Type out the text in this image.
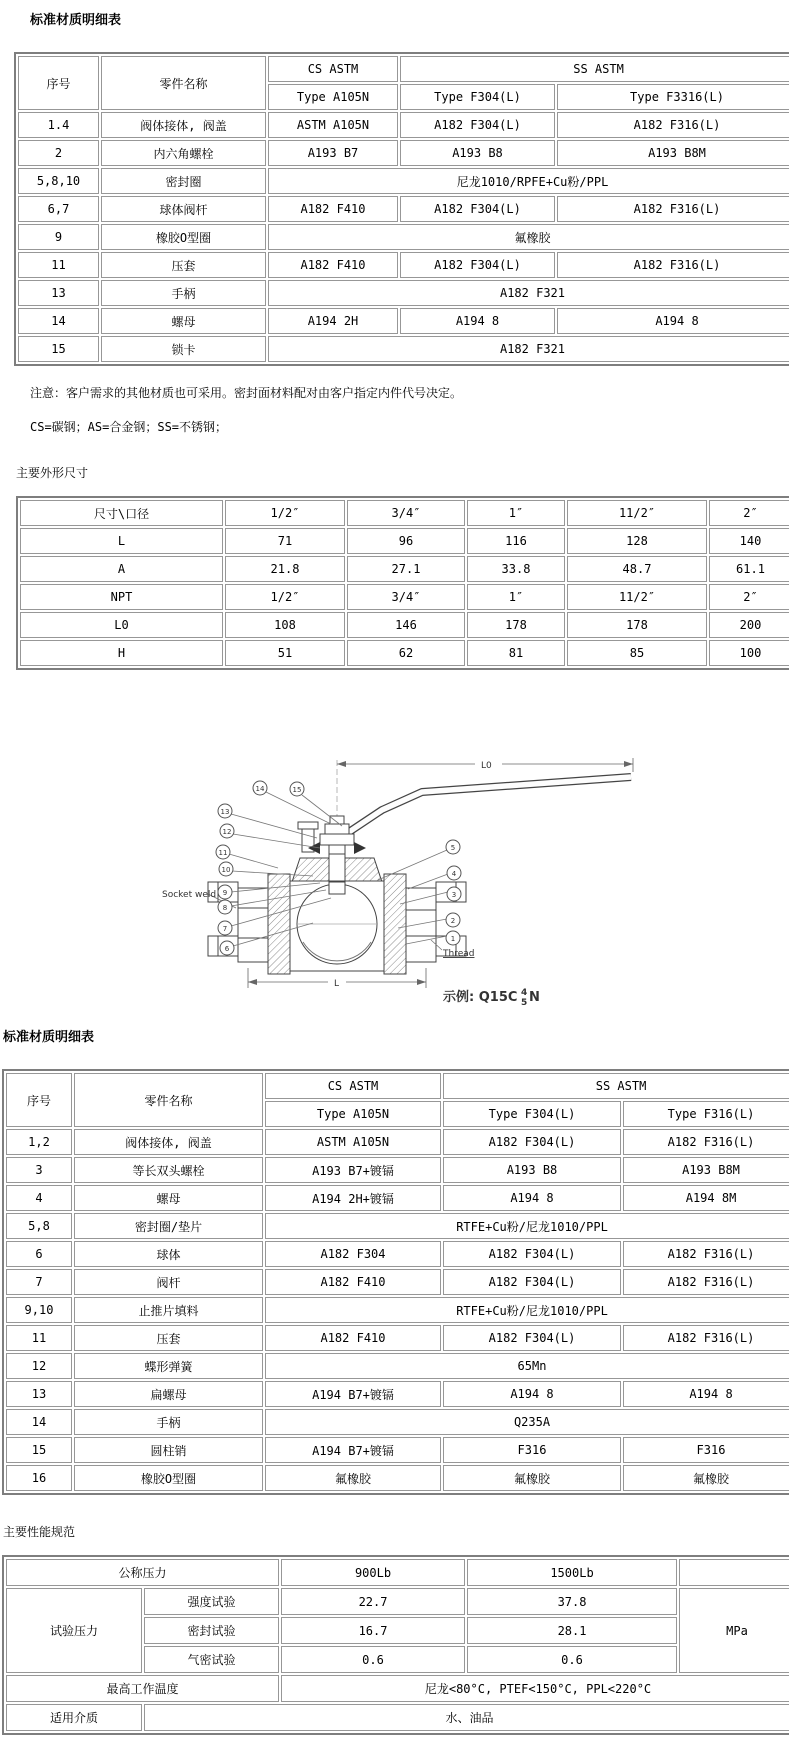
标准材质明细表
序号	零件名称	CS ASTM	SS ASTM	
		Type A105N	Type F304(L)	Type F3316(L)
1.4	阀体接体, 阀盖	ASTM A105N	A182 F304(L)	A182 F316(L)
2	内六角螺栓	A193 B7	A193 B8	A193 B8M
5,8,10	密封圈	尼龙1010/RPFE+Cu粉/PPL		
6,7	球体阀杆	A182 F410	A182 F304(L)	A182 F316(L)
9	橡胶O型圈	氟橡胶		
11	压套	A182 F410	A182 F304(L)	A182 F316(L)
13	手柄	A182 F321		
14	螺母	A194 2H	A194 8	A194 8
15	锁卡	A182 F321		

注意：客户需求的其他材质也可采用。密封面材料配对由客户指定内件代号决定。

CS=碳钢；AS=合金钢；SS=不锈钢；

主要外形尺寸
尺寸\口径	1/2″	3/4″	1″	11/2″	2″
L	71	96	116	128	140
A	21.8	27.1	33.8	48.7	61.1
NPT	1/2″	3/4″	1″	11/2″	2″
L0	108	146	178	178	200
H	51	62	81	85	100
L0
L
14	15
13
12
11
10
9
8
7
6
5
4
3
2
1
Socket weld
Thread
示例: Q15C 4
5 N
标准材质明细表
序号	零件名称	CS ASTM	SS ASTM	
		Type A105N	Type F304(L)	Type F316(L)
1,2	阀体接体, 阀盖	ASTM A105N	A182 F304(L)	A182 F316(L)
3	等长双头螺栓	A193 B7+镀镉	A193 B8	A193 B8M
4	螺母	A194 2H+镀镉	A194 8	A194 8M
5,8	密封圈/垫片	RTFE+Cu粉/尼龙1010/PPL		
6	球体	A182 F304	A182 F304(L)	A182 F316(L)
7	阀杆	A182 F410	A182 F304(L)	A182 F316(L)
9,10	止推片填料	RTFE+Cu粉/尼龙1010/PPL		
11	压套	A182 F410	A182 F304(L)	A182 F316(L)
12	蝶形弹簧	65Mn		
13	扁螺母	A194 B7+镀镉	A194 8	A194 8
14	手柄	Q235A		
15	圆柱销	A194 B7+镀镉	F316	F316
16	橡胶O型圈	氟橡胶	氟橡胶	氟橡胶
主要性能规范
公称压力		900Lb	1500Lb	
试验压力	强度试验	22.7	37.8	MPa
	密封试验	16.7	28.1	
	气密试验	0.6	0.6	
最高工作温度		尼龙<80°C, PTEF<150°C, PPL<220°C		
适用介质	水、油品			
